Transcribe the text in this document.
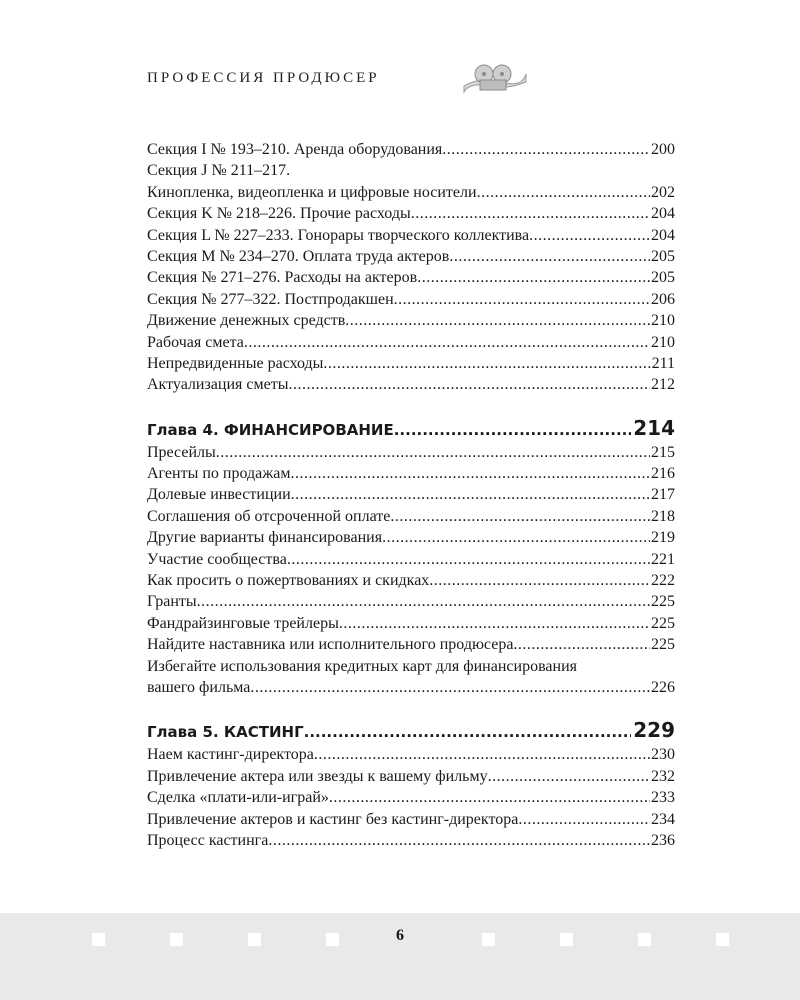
ПРОФЕССИЯ ПРОДЮСЕР
Секция I № 193–210. Аренда оборудования .....	200
Секция J № 211–217.
Кинопленка, видеопленка и цифровые носители .....	202
Секция K № 218–226. Прочие расходы .....	204
Секция L № 227–233. Гонорары творческого коллектива .....	204
Секция M № 234–270. Оплата труда актеров .....	205
Секция № 271–276. Расходы на актеров .....	205
Секция № 277–322. Постпродакшен .....	206
Движение денежных средств .....	210
Рабочая смета .....	210
Непредвиденные расходы .....	211
Актуализация сметы .....	212
Глава 4. ФИНАНСИРОВАНИЕ .....	214
Пресейлы .....	215
Агенты по продажам .....	216
Долевые инвестиции .....	217
Соглашения об отсроченной оплате .....	218
Другие варианты финансирования .....	219
Участие сообщества .....	221
Как просить о пожертвованиях и скидках .....	222
Гранты .....	225
Фандрайзинговые трейлеры .....	225
Найдите наставника или исполнительного продюсера .....	225
Избегайте использования кредитных карт для финансирования
вашего фильма .....	226
Глава 5. КАСТИНГ .....	229
Наем кастинг-директора .....	230
Привлечение актера или звезды к вашему фильму .....	232
Сделка «плати-или-играй» .....	233
Привлечение актеров и кастинг без кастинг-директора .....	234
Процесс кастинга .....	236
6
